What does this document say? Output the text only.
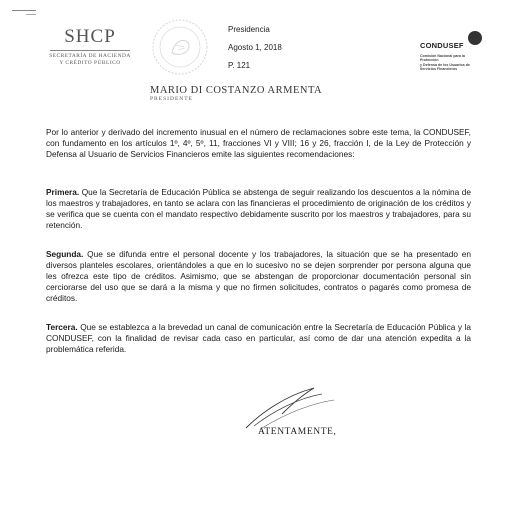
SHCP
SECRETARÍA DE HACIENDA
Y CRÉDITO PÚBLICO
Presidencia
Agosto 1, 2018
P. 121
CONDUSEF
Comisión Nacional para la Protección
y Defensa de los Usuarios de
Servicios Financieros
MARIO DI COSTANZO ARMENTA
PRESIDENTE

Por lo anterior y derivado del incremento inusual en el número de reclamaciones sobre este tema, la CONDUSEF, con fundamento en los artículos 1º, 4º, 5º, 11, fracciones VI y VIII; 16 y 26, fracción I, de la Ley de Protección y Defensa al Usuario de Servicios Financieros emite las siguientes recomendaciones:

Primera. Que la Secretaría de Educación Pública se abstenga de seguir realizando los descuentos a la nómina de los maestros y trabajadores, en tanto se aclara con las financieras el procedimiento de originación de los créditos y se verifica que se cuenta con el mandato respectivo debidamente suscrito por los maestros y trabajadores, para su retención.

Segunda. Que se difunda entre el personal docente y los trabajadores, la situación que se ha presentado en diversos planteles escolares, orientándoles a que en lo sucesivo no se dejen sorprender por persona alguna que les ofrezca este tipo de créditos. Asimismo, que se abstengan de proporcionar documentación personal sin cerciorarse del uso que se dará a la misma y que no firmen solicitudes, contratos o pagarés como promesa de créditos.

Tercera. Que se establezca a la brevedad un canal de comunicación entre la Secretaría de Educación Pública y la CONDUSEF, con la finalidad de revisar cada caso en particular, así como de dar una atención expedita a la problemática referida.

ATENTAMENTE,
